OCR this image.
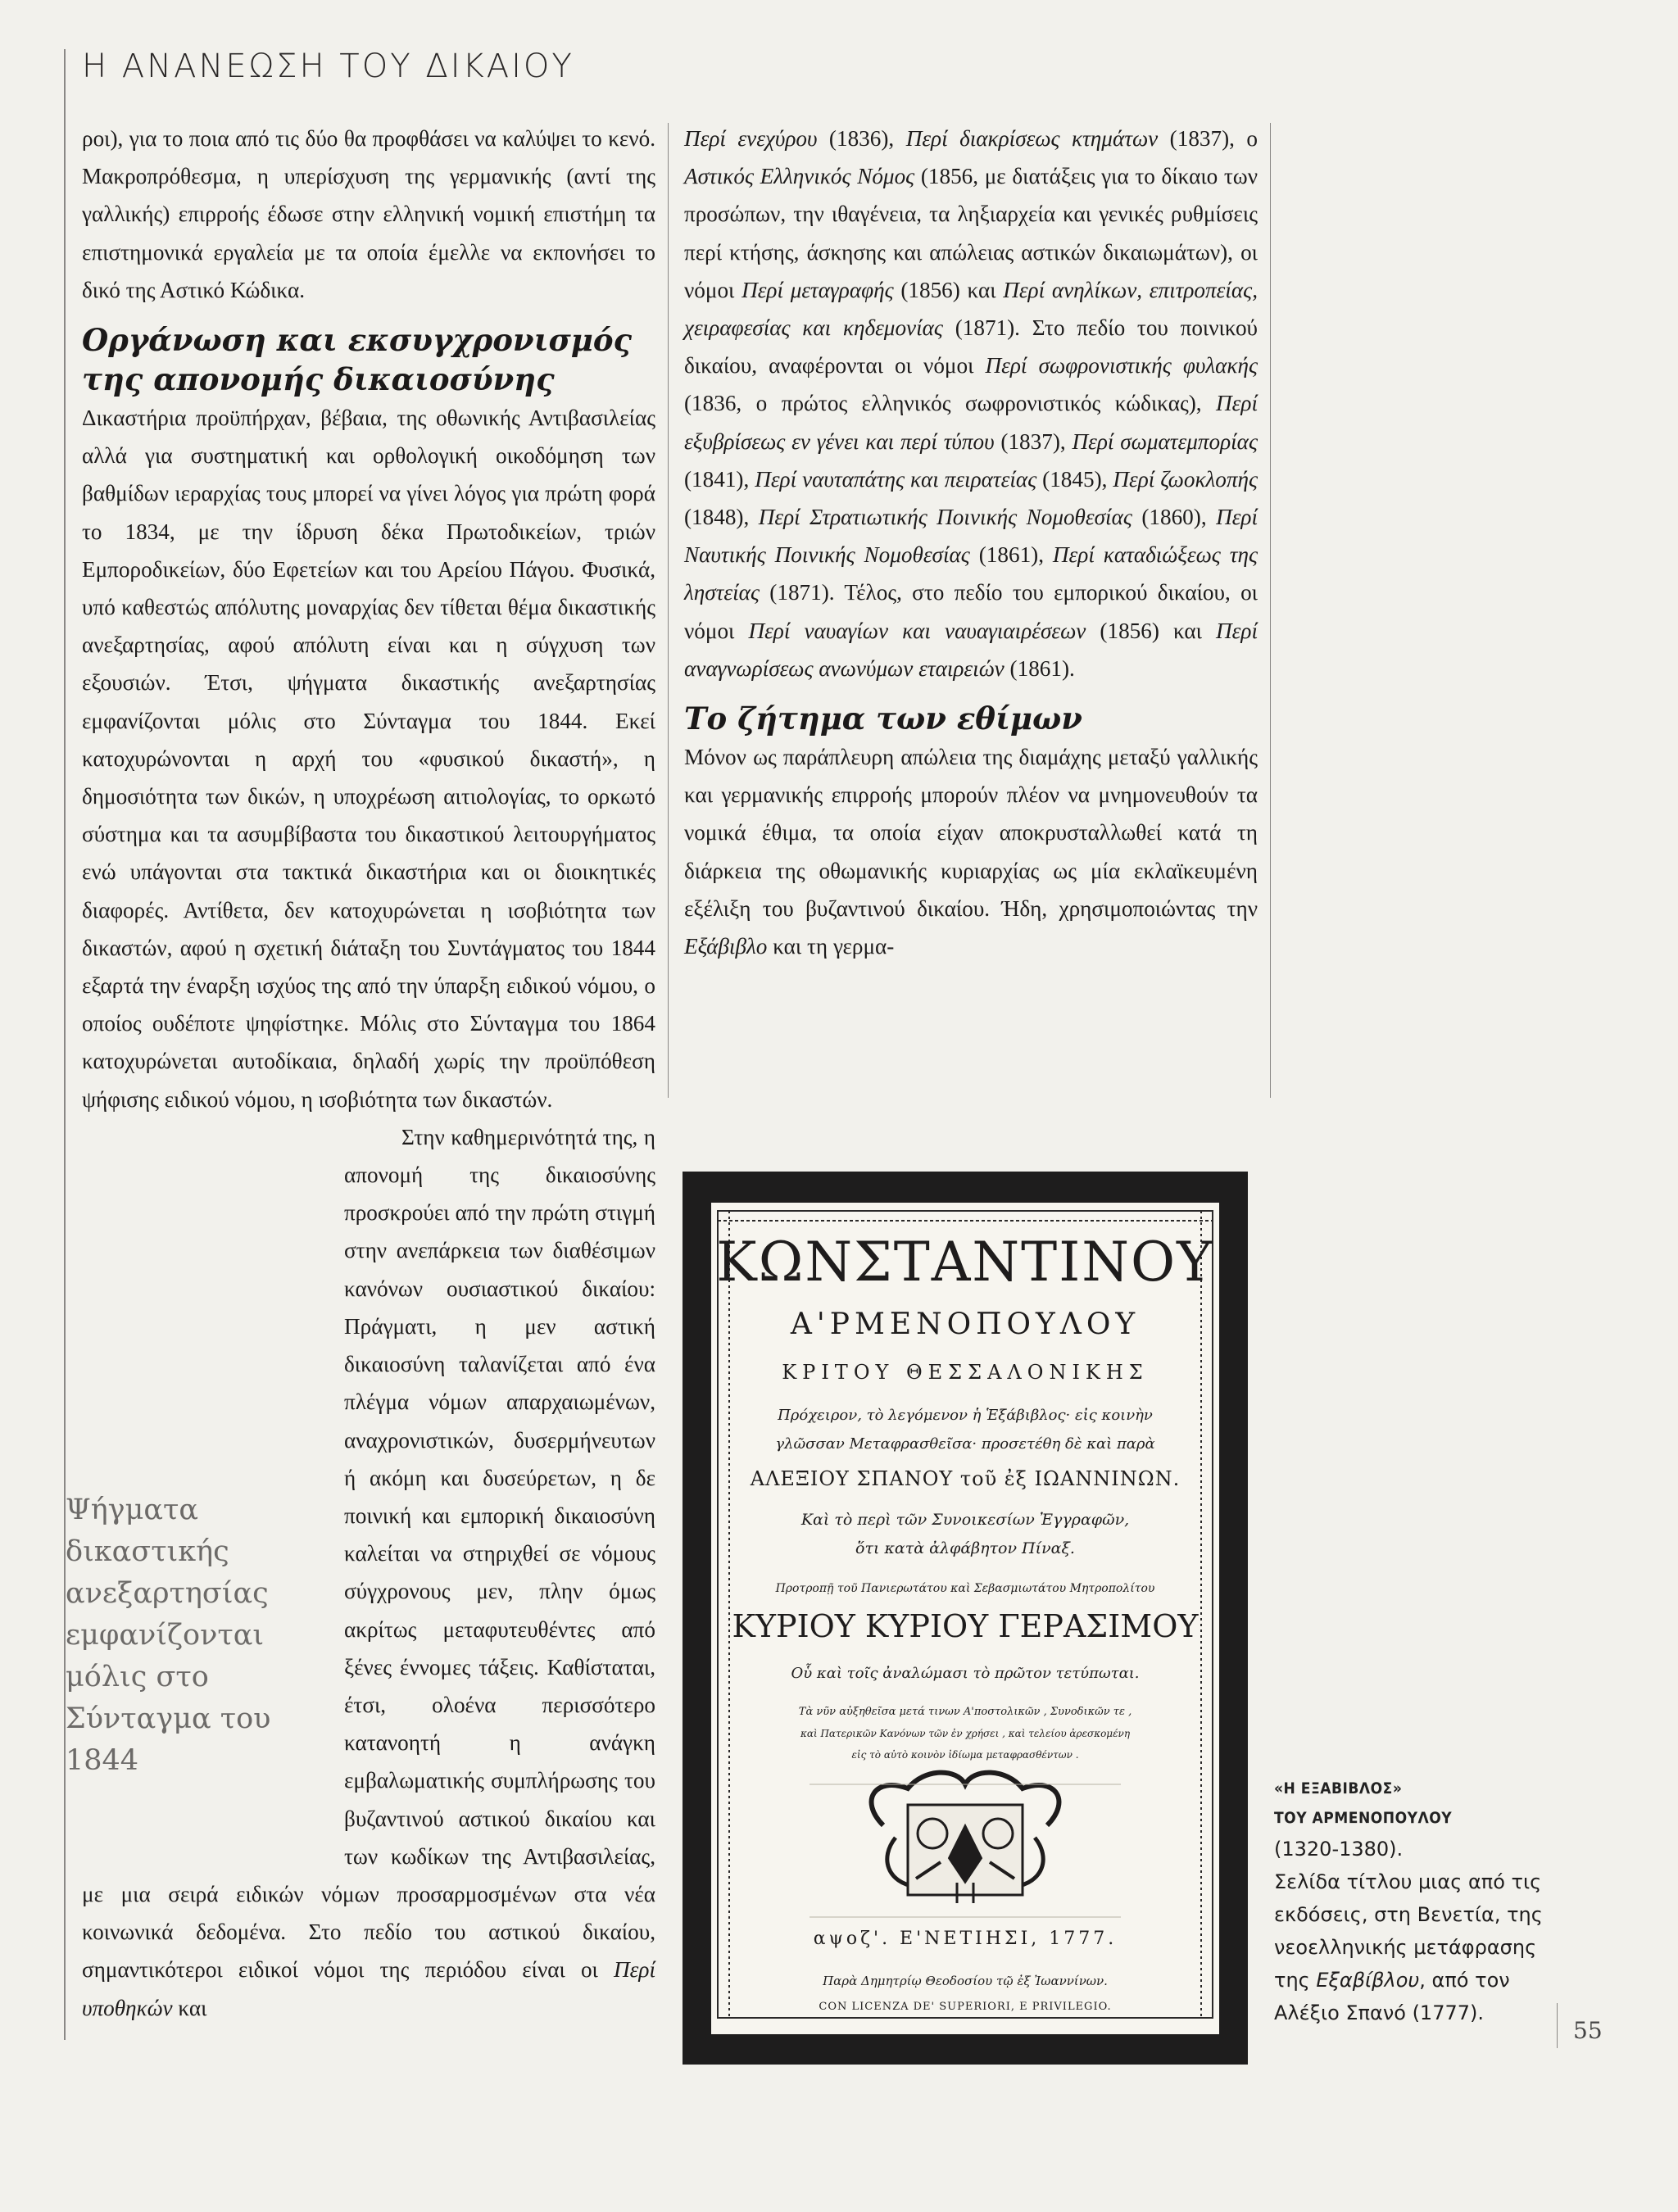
Η ΑΝΑΝΕΩΣΗ ΤΟΥ ΔΙΚΑΙΟΥ

ροι), για το ποια από τις δύο θα προφθάσει να καλύψει το κενό. Μακροπρόθεσμα, η υπερίσχυση της γερμανικής (αντί της γαλλικής) επιρροής έδωσε στην ελληνική νομική επιστήμη τα επιστημονικά εργαλεία με τα οποία έμελλε να εκπονήσει το δικό της Αστικό Κώδικα.

Οργάνωση και εκσυγχρονισμός της απονομής δικαιοσύνης

Δικαστήρια προϋπήρχαν, βέβαια, της οθωνικής Αντιβασιλείας αλλά για συστηματική και ορθολογική οικοδόμηση των βαθμίδων ιεραρχίας τους μπορεί να γίνει λόγος για πρώτη φορά το 1834, με την ίδρυση δέκα Πρωτοδικείων, τριών Εμποροδικείων, δύο Εφετείων και του Αρείου Πάγου. Φυσικά, υπό καθεστώς απόλυτης μοναρχίας δεν τίθεται θέμα δικαστικής ανεξαρτησίας, αφού απόλυτη είναι και η σύγχυση των εξουσιών. Έτσι, ψήγματα δικαστικής ανεξαρτησίας εμφανίζονται μόλις στο Σύνταγμα του 1844. Εκεί κατοχυρώνονται η αρχή του «φυσικού δικαστή», η δημοσιότητα των δικών, η υποχρέωση αιτιολογίας, το ορκωτό σύστημα και τα ασυμβίβαστα του δικαστικού λειτουργήματος ενώ υπάγονται στα τακτικά δικαστήρια και οι διοικητικές διαφορές. Αντίθετα, δεν κατοχυρώνεται η ισοβιότητα των δικαστών, αφού η σχετική διάταξη του Συντάγματος του 1844 εξαρτά την έναρξη ισχύος της από την ύπαρξη ειδικού νόμου, ο οποίος ουδέποτε ψηφίστηκε. Μόλις στο Σύνταγμα του 1864 κατοχυρώνεται αυτοδίκαια, δηλαδή χωρίς την προϋπόθεση ψήφισης ειδικού νόμου, η ισοβιότητα των δικαστών.

Στην καθημερινότητά της, η απονομή της δικαιοσύνης προσκρούει από την πρώτη στιγμή στην ανεπάρκεια των διαθέσιμων κανόνων ουσιαστικού δικαίου: Πράγματι, η μεν αστική δικαιοσύνη ταλανίζεται από ένα πλέγμα νόμων απαρχαιωμένων, αναχρονιστικών, δυσερμήνευτων ή ακόμη και δυσεύρετων, η δε ποινική και εμπορική δικαιοσύνη καλείται να στηριχθεί σε νόμους σύγχρονους μεν, πλην όμως ακρίτως μεταφυτευθέντες από ξένες έννομες τάξεις. Καθίσταται, έτσι, ολοένα περισσότερο κατανοητή η ανάγκη εμβαλωματικής συμπλήρωσης του βυζαντινού αστικού δικαίου και των κωδίκων της Αντιβασιλείας, με μια σειρά ειδικών νόμων προσαρμοσμένων στα νέα κοινωνικά δεδομένα. Στο πεδίο του αστικού δικαίου, σημαντικότεροι ειδικοί νόμοι της περιόδου είναι οι Περί υποθηκών και

Ψήγματα δικαστικής ανεξαρτησίας εμφανίζονται μόλις στο Σύνταγμα του 1844

Περί ενεχύρου (1836), Περί διακρίσεως κτημάτων (1837), ο Αστικός Ελληνικός Νόμος (1856, με διατάξεις για το δίκαιο των προσώπων, την ιθαγένεια, τα ληξιαρχεία και γενικές ρυθμίσεις περί κτήσης, άσκησης και απώλειας αστικών δικαιωμάτων), οι νόμοι Περί μεταγραφής (1856) και Περί ανηλίκων, επιτροπείας, χειραφεσίας και κηδεμονίας (1871). Στο πεδίο του ποινικού δικαίου, αναφέρονται οι νόμοι Περί σωφρονιστικής φυλακής (1836, ο πρώτος ελληνικός σωφρονιστικός κώδικας), Περί εξυβρίσεως εν γένει και περί τύπου (1837), Περί σωματεμπορίας (1841), Περί ναυταπάτης και πειρατείας (1845), Περί ζωοκλοπής (1848), Περί Στρατιωτικής Ποινικής Νομοθεσίας (1860), Περί Ναυτικής Ποινικής Νομοθεσίας (1861), Περί καταδιώξεως της ληστείας (1871). Τέλος, στο πεδίο του εμπορικού δικαίου, οι νόμοι Περί ναυαγίων και ναυαγιαιρέσεων (1856) και Περί αναγνωρίσεως ανωνύμων εταιρειών (1861).

Το ζήτημα των εθίμων

Μόνον ως παράπλευρη απώλεια της διαμάχης μεταξύ γαλλικής και γερμανικής επιρροής μπορούν πλέον να μνημονευθούν τα νομικά έθιμα, τα οποία είχαν αποκρυσταλλωθεί κατά τη διάρκεια της οθωμανικής κυριαρχίας ως μία εκλαϊκευμένη εξέλιξη του βυζαντινού δικαίου. Ήδη, χρησιμοποιώντας την Εξάβιβλο και τη γερμα-

ΚΩΝΣΤΑΝΤΙΝΟΥ
Α'ΡΜΕΝΟΠΟΥΛΟΥ
ΚΡΙΤΟΥ ΘΕΣΣΑΛΟΝΙΚΗΣ
Πρόχειρον, τὸ λεγόμενον ἡ Ἑξάβιβλος· εἰς κοινὴν
γλῶσσαν Μεταφρασθεῖσα· προσετέθη δὲ καὶ παρὰ
ΑΛΕΞΙΟΥ ΣΠΑΝΟΥ τοῦ ἐξ ΙΩΑΝΝΙΝΩΝ.
Καὶ τὸ περὶ τῶν Συνοικεσίων Ἐγγραφῶν,
ὅτι κατὰ ἀλφάβητον Πίναξ.
Προτροπῇ τοῦ Πανιερωτάτου καὶ Σεβασμιωτάτου Μητροπολίτου
ΚΥΡΙΟΥ ΚΥΡΙΟΥ ΓΕΡΑΣΙΜΟΥ
Οὗ καὶ τοῖς ἀναλώμασι τὸ πρῶτον τετύπωται.
Τὰ νῦν αὐξηθεῖσα μετά τινων Α'ποστολικῶν , Συνοδικῶν τε ,
καὶ Πατερικῶν Κανόνων τῶν ἐν χρήσει , καὶ τελείου ἀρεσκομένη
εἰς τὸ αὐτὸ κοινὸν ἰδίωμα μεταφρασθέντων .
αψοζ'. Ε'ΝΕΤΙΗΣΙ, 1777.
Παρὰ Δημητρίῳ Θεοδοσίου τῷ ἐξ Ἰωαννίνων.
CON LICENZA DE' SUPERIORI, E PRIVILEGIO.
«Η ΕΞΑΒΙΒΛΟΣ»
ΤΟΥ ΑΡΜΕΝΟΠΟΥΛΟΥ
(1320-1380).
Σελίδα τίτλου μιας από τις εκδόσεις, στη Βενετία, της νεοελληνικής μετάφρασης της Εξαβίβλου, από τον Αλέξιο Σπανό (1777).
55
